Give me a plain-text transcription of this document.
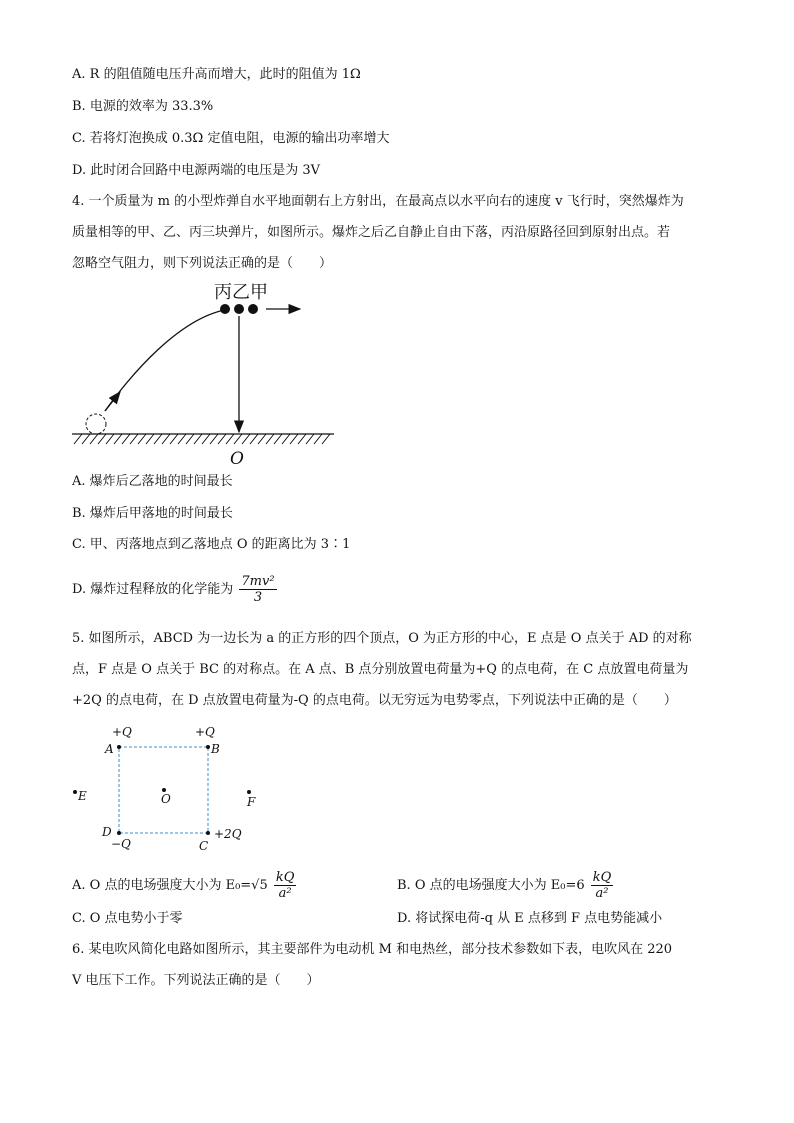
A. R 的阻值随电压升高而增大，此时的阻值为 1Ω
B. 电源的效率为 33.3%
C. 若将灯泡换成 0.3Ω 定值电阻，电源的输出功率增大
D. 此时闭合回路中电源两端的电压是为 3V
4. 一个质量为 m 的小型炸弹自水平地面朝右上方射出，在最高点以水平向右的速度 v 飞行时，突然爆炸为
质量相等的甲、乙、丙三块弹片，如图所示。爆炸之后乙自静止自由下落，丙沿原路径回到原射出点。若
忽略空气阻力，则下列说法正确的是（　　）
丙乙甲
O
A. 爆炸后乙落地的时间最长
B. 爆炸后甲落地的时间最长
C. 甲、丙落地点到乙落地点 O 的距离比为 3∶1
D. 爆炸过程释放的化学能为 $\frac{\text{7mv²}}{3}$
5. 如图所示，ABCD 为一边长为 a 的正方形的四个顶点，O 为正方形的中心，E 点是 O 点关于 AD 的对称
点，F 点是 O 点关于 BC 的对称点。在 A 点、B 点分别放置电荷量为+Q 的点电荷，在 C 点放置电荷量为
+2Q 的点电荷，在 D 点放置电荷量为-Q 的点电荷。以无穷远为电势零点，下列说法中正确的是（　　）
+Q	+Q
A	B
E	O	F
D	+2Q
−Q	C
A. O 点的电场强度大小为 $E_0=√5 \frac{kQ}{\text{a²}}$	B. O 点的电场强度大小为 $E_0=6 \frac{kQ}{\text{a²}}$
C. O 点电势小于零	D. 将试探电荷-q 从 E 点移到 F 点电势能减小
6. 某电吹风简化电路如图所示，其主要部件为电动机 M 和电热丝，部分技术参数如下表，电吹风在 220
V 电压下工作。下列说法正确的是（　　）
